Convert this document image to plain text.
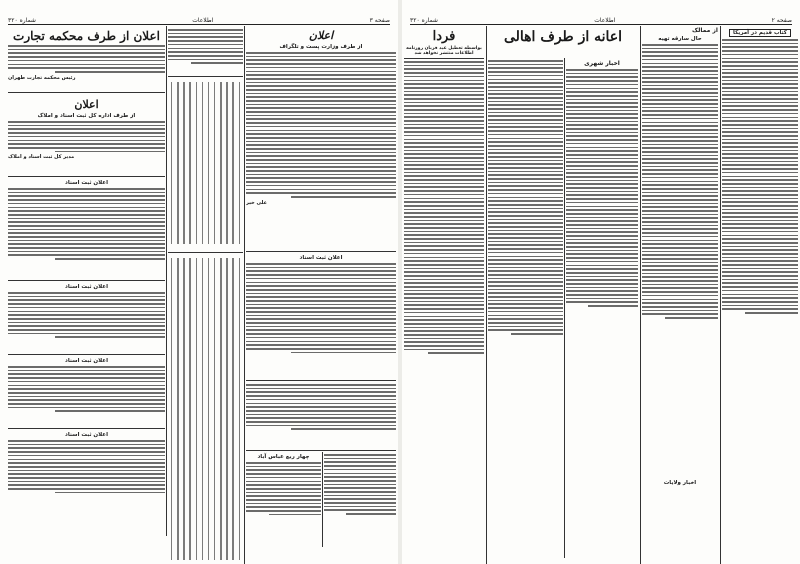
صفحه ۳
اطلاعات
شماره ۳۲۰
اعلان از طرف محکمه تجارت
رئیس محکمه تجارت طهران
اعلان
از طرف اداره کل ثبت اسناد و املاک
مدیر کل ثبت اسناد و املاک
اعلان ثبت اسناد
اعلان ثبت اسناد
اعلان ثبت اسناد
اعلان ثبت اسناد
اعلان
از طرف وزارت پست و تلگراف
علی خیر
اعلان ثبت اسناد
چهار ربع عباس آباد
صفحه ۲
اطلاعات
شماره ۳۲۰
فردا
بواسطه تعطیل عید قربان روزنامه اطلاعات منتشر نخواهد شد
اعانه از طرف اهالی
اخبار شهری
از ممالک
حال سارقه تهیه
کتاب قدیم در آمریکا
اخبار ولایات
